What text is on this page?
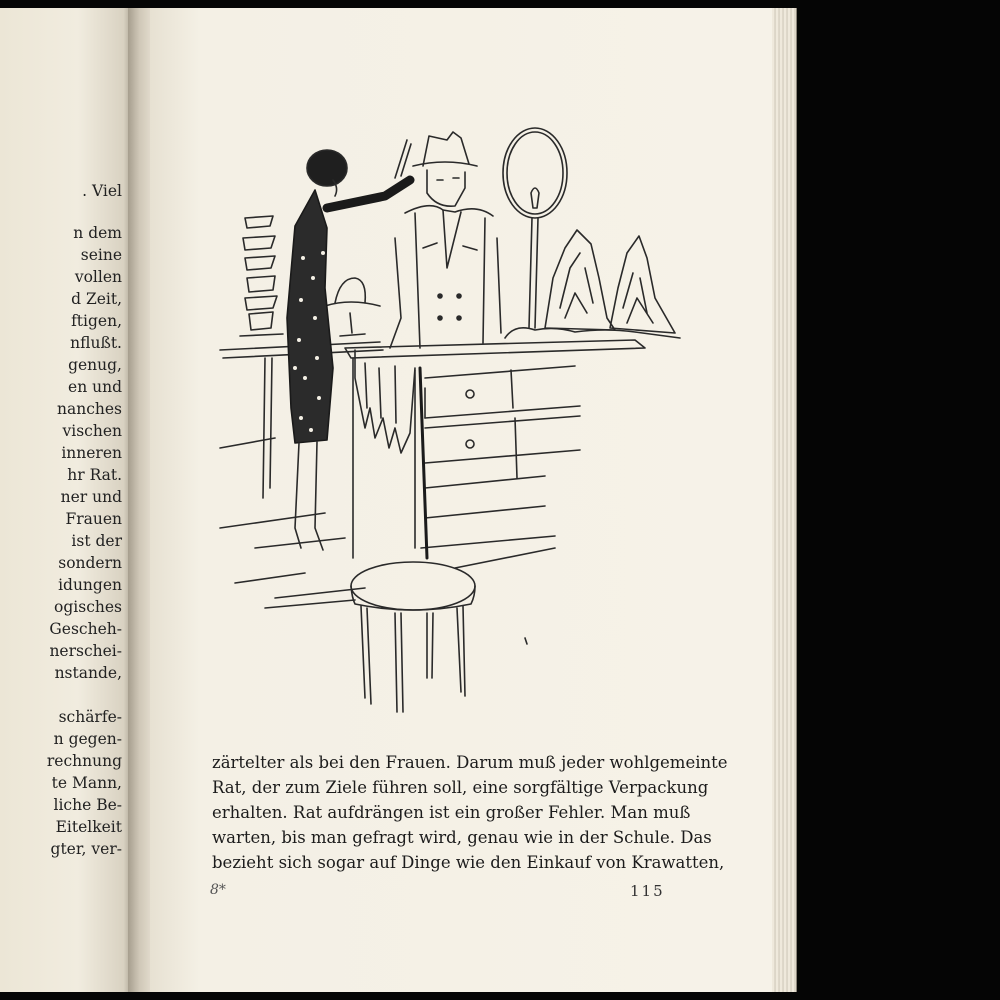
. Viel
n dem
seine
vollen
d Zeit,
ftigen,
nflußt.
genug,
en und
nanches
vischen
inneren
hr Rat.
ner und
Frauen
ist der
sondern
idungen
ogisches
Gescheh-
nerschei-
nstande,
schärfe-
n gegen-
rechnung
te Mann,
liche Be-
Eitelkeit
gter, ver-
zärtelter als bei den Frauen. Darum muß jeder wohlgemeinte
Rat, der zum Ziele führen soll, eine sorgfältige Verpackung
erhalten. Rat aufdrängen ist ein großer Fehler. Man muß
warten, bis man gefragt wird, genau wie in der Schule. Das
bezieht sich sogar auf Dinge wie den Einkauf von Krawatten,
8*	115
